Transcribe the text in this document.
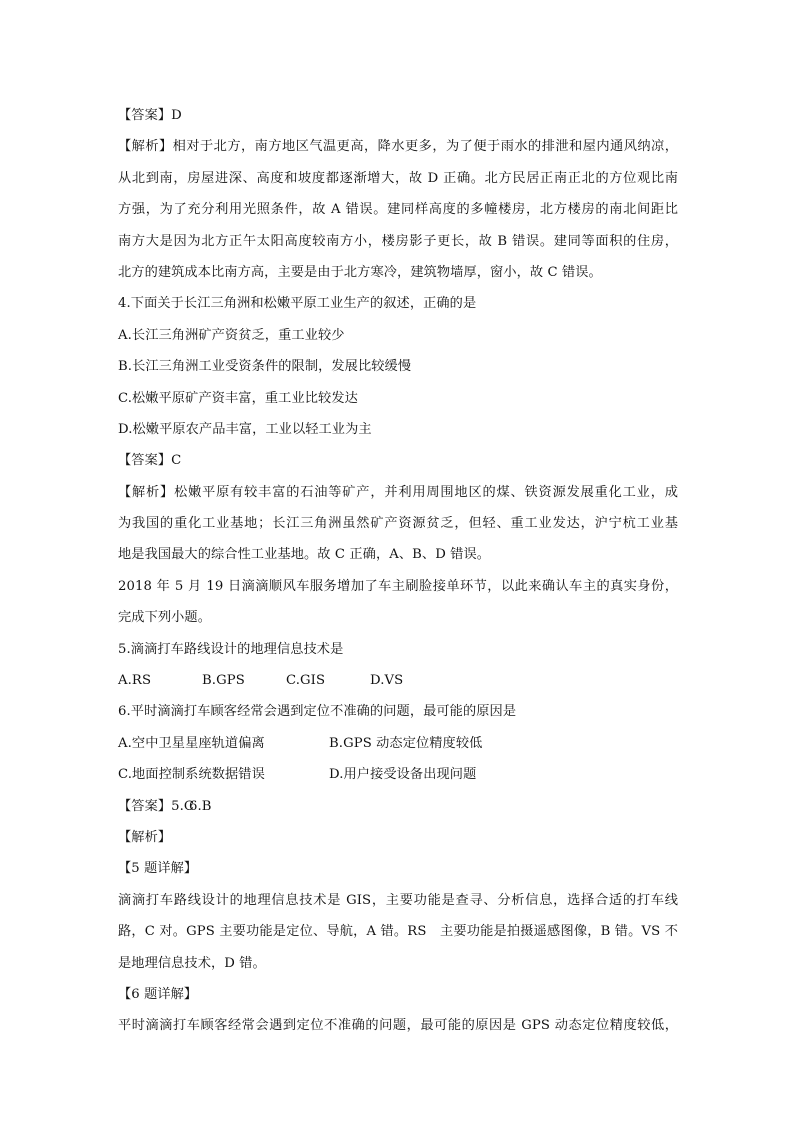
【答案】D
【解析】相对于北方，南方地区气温更高，降水更多，为了便于雨水的排泄和屋内通风纳凉，
从北到南，房屋进深、高度和坡度都逐渐增大，故 D 正确。北方民居正南正北的方位观比南
方强，为了充分利用光照条件，故 A 错误。建同样高度的多幢楼房，北方楼房的南北间距比
南方大是因为北方正午太阳高度较南方小，楼房影子更长，故 B 错误。建同等面积的住房，
北方的建筑成本比南方高，主要是由于北方寒冷，建筑物墙厚，窗小，故 C 错误。
4.下面关于长江三角洲和松嫩平原工业生产的叙述，正确的是
A.长江三角洲矿产资贫乏，重工业较少
B.长江三角洲工业受资条件的限制，发展比较缓慢
C.松嫩平原矿产资丰富，重工业比较发达
D.松嫩平原农产品丰富，工业以轻工业为主
【答案】C
【解析】松嫩平原有较丰富的石油等矿产，并利用周围地区的煤、铁资源发展重化工业，成
为我国的重化工业基地；长江三角洲虽然矿产资源贫乏，但轻、重工业发达，沪宁杭工业基
地是我国最大的综合性工业基地。故 C 正确，A、B、D 错误。
2018 年 5 月 19 日滴滴顺风车服务增加了车主刷脸接单环节，以此来确认车主的真实身份，
完成下列小题。
5.滴滴打车路线设计的地理信息技术是
A.RS	B.GPS	C.GIS	D.VS
6.平时滴滴打车顾客经常会遇到定位不准确的问题，最可能的原因是
A.空中卫星星座轨道偏离	B.GPS 动态定位精度较低
C.地面控制系统数据错误	D.用户接受设备出现问题
【答案】5.C
6.B
【解析】
【5 题详解】
滴滴打车路线设计的地理信息技术是 GIS，主要功能是查寻、分析信息，选择合适的打车线
路，C 对。GPS 主要功能是定位、导航，A 错。RS　主要功能是拍摄遥感图像，B 错。VS 不
是地理信息技术，D 错。
【6 题详解】
平时滴滴打车顾客经常会遇到定位不准确的问题，最可能的原因是 GPS 动态定位精度较低，
